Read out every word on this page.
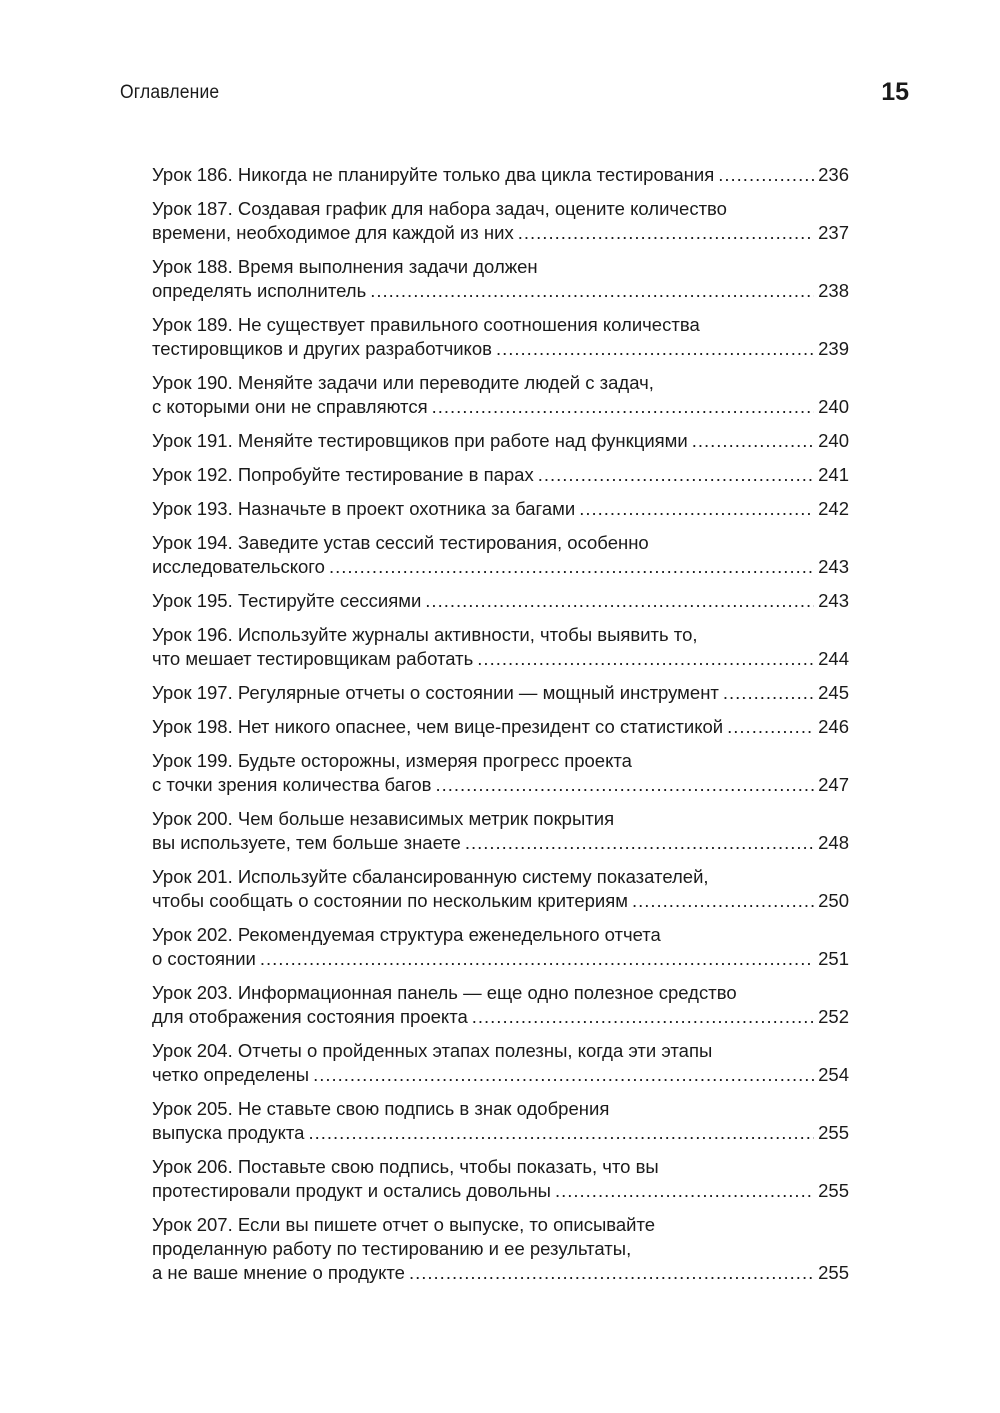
Оглавление	15
Урок 186. Никогда не планируйте только два цикла тестирования .....	236
Урок 187. Создавая график для набора задач, оцените количество
времени, необходимое для каждой из них .....	237
Урок 188. Время выполнения задачи должен
определять исполнитель .....	238
Урок 189. Не существует правильного соотношения количества
тестировщиков и других разработчиков .....	239
Урок 190. Меняйте задачи или переводите людей с задач,
с которыми они не справляются .....	240
Урок 191. Меняйте тестировщиков при работе над функциями .....	240
Урок 192. Попробуйте тестирование в парах .....	241
Урок 193. Назначьте в проект охотника за багами .....	242
Урок 194. Заведите устав сессий тестирования, особенно
исследовательского .....	243
Урок 195. Тестируйте сессиями .....	243
Урок 196. Используйте журналы активности, чтобы выявить то,
что мешает тестировщикам работать .....	244
Урок 197. Регулярные отчеты о состоянии — мощный инструмент .....	245
Урок 198. Нет никого опаснее, чем вице-президент со статистикой .....	246
Урок 199. Будьте осторожны, измеряя прогресс проекта
с точки зрения количества багов .....	247
Урок 200. Чем больше независимых метрик покрытия
вы используете, тем больше знаете .....	248
Урок 201. Используйте сбалансированную систему показателей,
чтобы сообщать о состоянии по нескольким критериям .....	250
Урок 202. Рекомендуемая структура еженедельного отчета
о состоянии .....	251
Урок 203. Информационная панель — еще одно полезное средство
для отображения состояния проекта .....	252
Урок 204. Отчеты о пройденных этапах полезны, когда эти этапы
четко определены .....	254
Урок 205. Не ставьте свою подпись в знак одобрения
выпуска продукта .....	255
Урок 206. Поставьте свою подпись, чтобы показать, что вы
протестировали продукт и остались довольны .....	255
Урок 207. Если вы пишете отчет о выпуске, то описывайте
проделанную работу по тестированию и ее результаты,
а не ваше мнение о продукте .....	255
